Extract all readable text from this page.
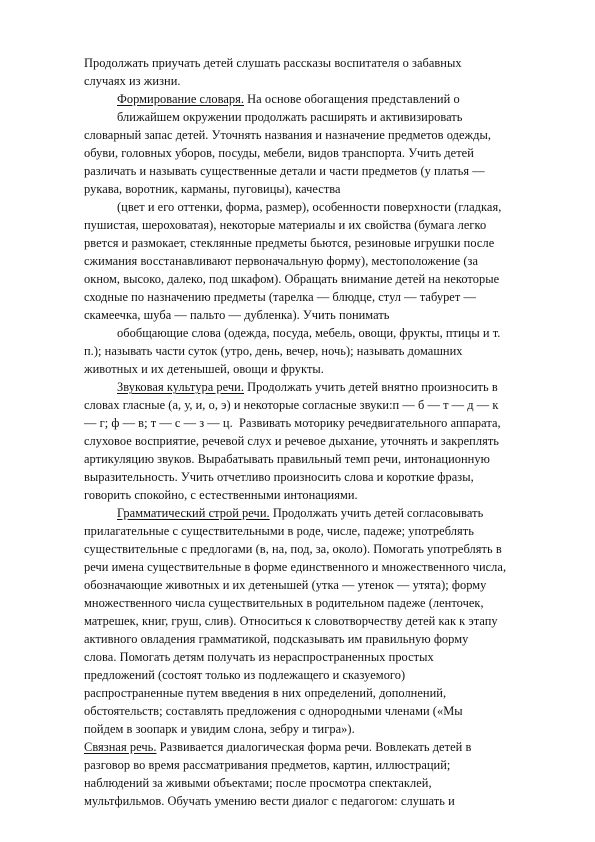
Продолжать приучать детей слушать рассказы воспитателя о забавных
случаях из жизни.
Формирование словаря. На основе обогащения представлений о
ближайшем окружении продолжать расширять и активизировать
словарный запас детей. Уточнять названия и назначение предметов одежды,
обуви, головных уборов, посуды, мебели, видов транспорта. Учить детей
различать и называть существенные детали и части предметов (у платья —
рукава, воротник, карманы, пуговицы), качества
(цвет и его оттенки, форма, размер), особенности поверхности (гладкая,
пушистая, шероховатая), некоторые материалы и их свойства (бумага легко
рвется и размокает, стеклянные предметы бьются, резиновые игрушки после
сжимания восстанавливают первоначальную форму), местоположение (за
окном, высоко, далеко, под шкафом). Обращать внимание детей на некоторые
сходные по назначению предметы (тарелка — блюдце, стул — табурет —
скамеечка, шуба — пальто — дубленка). Учить понимать
обобщающие слова (одежда, посуда, мебель, овощи, фрукты, птицы и т.
п.); называть части суток (утро, день, вечер, ночь); называть домашних
животных и их детенышей, овощи и фрукты.
Звуковая культура речи. Продолжать учить детей внятно произносить в
словах гласные (а, у, и, о, э) и некоторые согласные звуки:п — б — т — д — к
— г; ф — в; т — с — з — ц.  Развивать моторику речедвигательного аппарата,
слуховое восприятие, речевой слух и речевое дыхание, уточнять и закреплять
артикуляцию звуков. Вырабатывать правильный темп речи, интонационную
выразительность. Учить отчетливо произносить слова и короткие фразы,
говорить спокойно, с естественными интонациями.
Грамматический строй речи. Продолжать учить детей согласовывать
прилагательные с существительными в роде, числе, падеже; употреблять
существительные с предлогами (в, на, под, за, около). Помогать употреблять в
речи имена существительные в форме единственного и множественного числа,
обозначающие животных и их детенышей (утка — утенок — утята); форму
множественного числа существительных в родительном падеже (ленточек,
матрешек, книг, груш, слив). Относиться к словотворчеству детей как к этапу
активного овладения грамматикой, подсказывать им правильную форму
слова. Помогать детям получать из нераспространенных простых
предложений (состоят только из подлежащего и сказуемого)
распространенные путем введения в них определений, дополнений,
обстоятельств; составлять предложения с однородными членами («Мы
пойдем в зоопарк и увидим слона, зебру и тигра»).
Связная речь. Развивается диалогическая форма речи. Вовлекать детей в
разговор во время рассматривания предметов, картин, иллюстраций;
наблюдений за живыми объектами; после просмотра спектаклей,
мультфильмов. Обучать умению вести диалог с педагогом: слушать и
